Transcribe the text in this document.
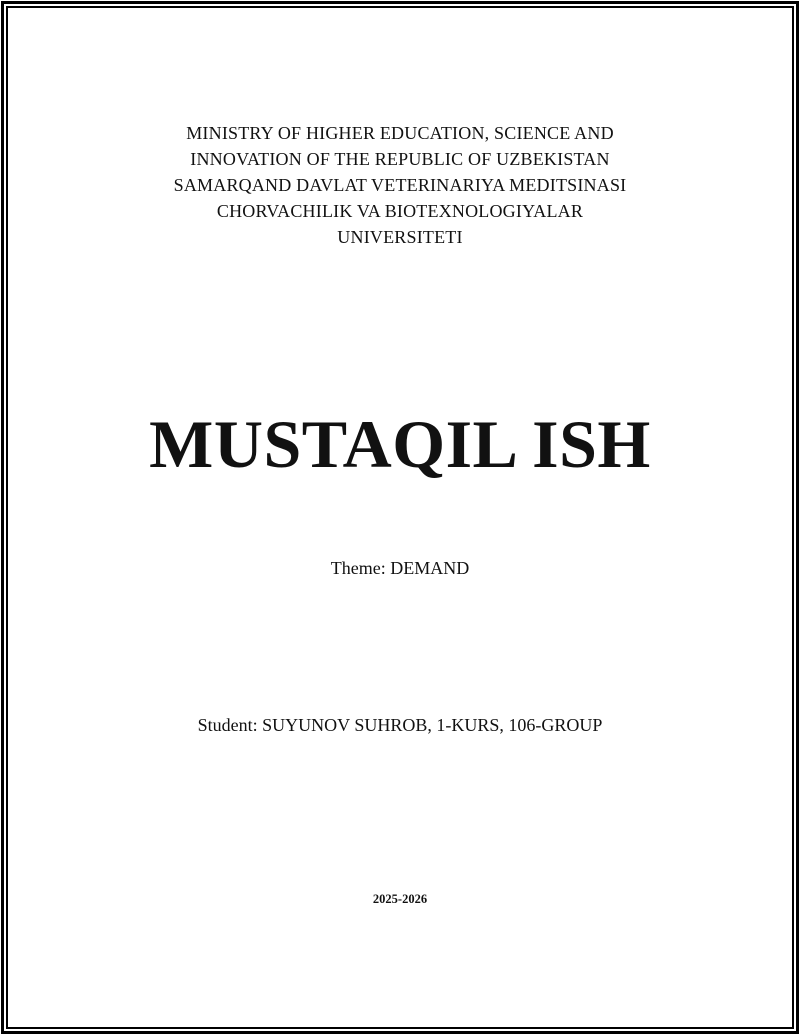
MINISTRY OF HIGHER EDUCATION, SCIENCE AND
INNOVATION OF THE REPUBLIC OF UZBEKISTAN
SAMARQAND DAVLAT VETERINARIYA MEDITSINASI
CHORVACHILIK VA BIOTEXNOLOGIYALAR
UNIVERSITETI
MUSTAQIL ISH
Theme: DEMAND
Student: SUYUNOV SUHROB, 1-KURS, 106-GROUP
2025-2026
